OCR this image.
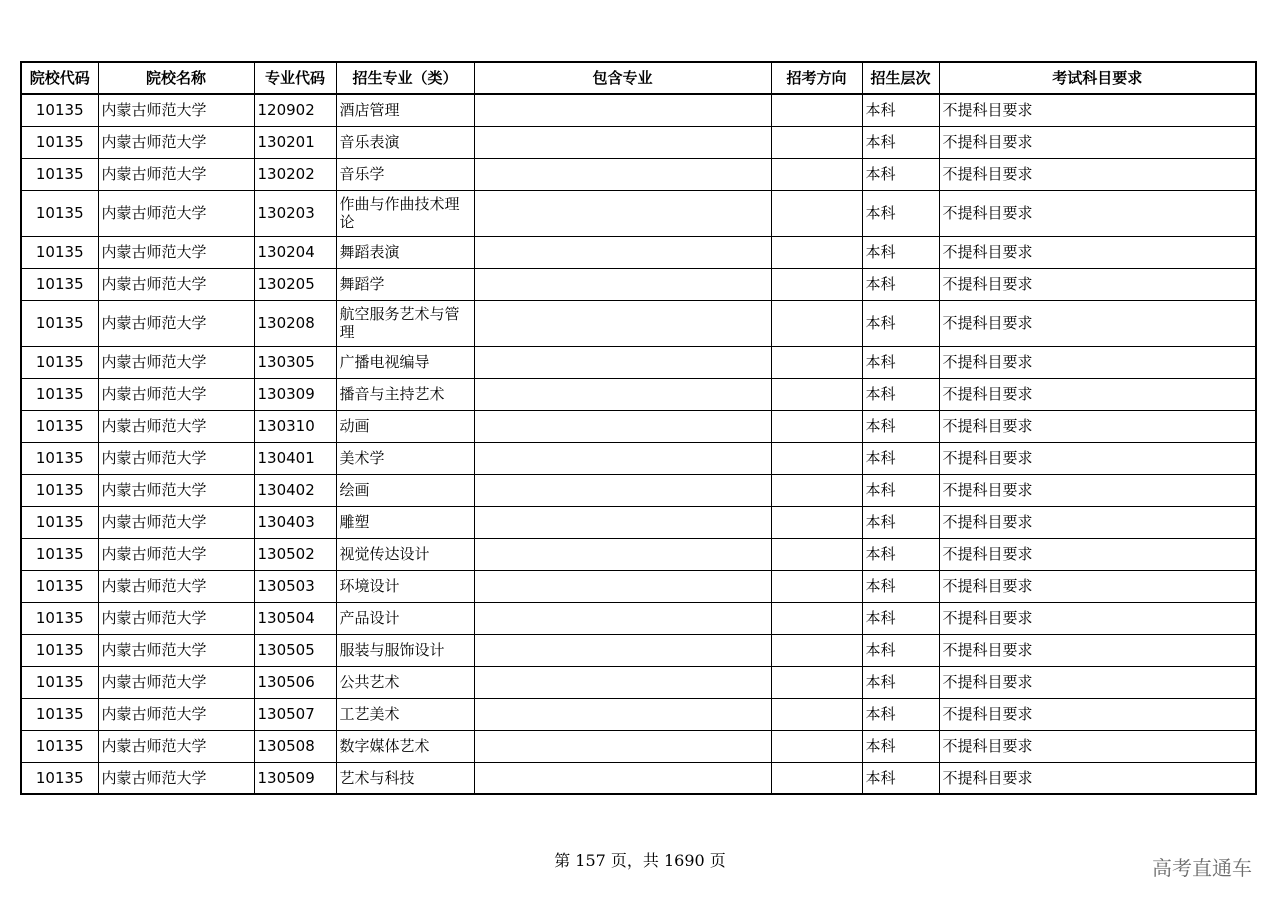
院校代码	院校名称	专业代码	招生专业（类）	包含专业	招考方向	招生层次	考试科目要求
10135	内蒙古师范大学	120902	酒店管理			本科	不提科目要求
10135	内蒙古师范大学	130201	音乐表演			本科	不提科目要求
10135	内蒙古师范大学	130202	音乐学			本科	不提科目要求
10135	内蒙古师范大学	130203	作曲与作曲技术理论			本科	不提科目要求
10135	内蒙古师范大学	130204	舞蹈表演			本科	不提科目要求
10135	内蒙古师范大学	130205	舞蹈学			本科	不提科目要求
10135	内蒙古师范大学	130208	航空服务艺术与管理			本科	不提科目要求
10135	内蒙古师范大学	130305	广播电视编导			本科	不提科目要求
10135	内蒙古师范大学	130309	播音与主持艺术			本科	不提科目要求
10135	内蒙古师范大学	130310	动画			本科	不提科目要求
10135	内蒙古师范大学	130401	美术学			本科	不提科目要求
10135	内蒙古师范大学	130402	绘画			本科	不提科目要求
10135	内蒙古师范大学	130403	雕塑			本科	不提科目要求
10135	内蒙古师范大学	130502	视觉传达设计			本科	不提科目要求
10135	内蒙古师范大学	130503	环境设计			本科	不提科目要求
10135	内蒙古师范大学	130504	产品设计			本科	不提科目要求
10135	内蒙古师范大学	130505	服装与服饰设计			本科	不提科目要求
10135	内蒙古师范大学	130506	公共艺术			本科	不提科目要求
10135	内蒙古师范大学	130507	工艺美术			本科	不提科目要求
10135	内蒙古师范大学	130508	数字媒体艺术			本科	不提科目要求
10135	内蒙古师范大学	130509	艺术与科技			本科	不提科目要求
第 157 页，共 1690 页	高考直通车
